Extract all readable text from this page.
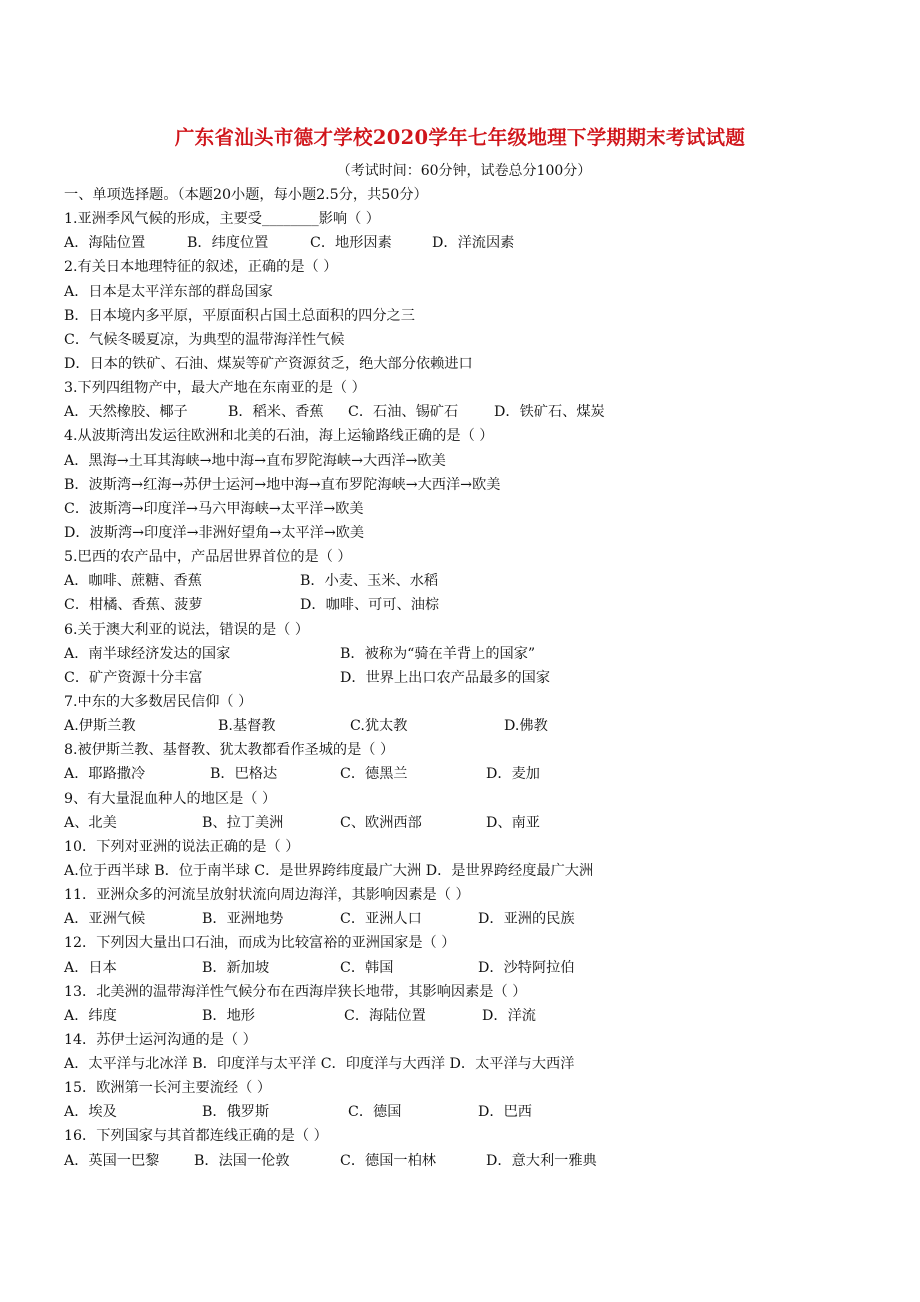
广东省汕头市德才学校2020学年七年级地理下学期期末考试试题
（考试时间：60分钟，试卷总分100分）
一、单项选择题。（本题20小题，每小题2.5分，共50分）
1.亚洲季风气候的形成，主要受________影响（ ）
A．海陆位置	B．纬度位置	C．地形因素	D．洋流因素
2.有关日本地理特征的叙述，正确的是（ ）
A．日本是太平洋东部的群岛国家
B．日本境内多平原，平原面积占国土总面积的四分之三
C．气候冬暖夏凉，为典型的温带海洋性气候
D．日本的铁矿、石油、煤炭等矿产资源贫乏，绝大部分依赖进口
3.下列四组物产中，最大产地在东南亚的是（ ）
A．天然橡胶、椰子	B．稻米、香蕉 C．石油、锡矿石	D．铁矿石、煤炭
4.从波斯湾出发运往欧洲和北美的石油，海上运输路线正确的是（ ）
A．黑海→土耳其海峡→地中海→直布罗陀海峡→大西洋→欧美
B．波斯湾→红海→苏伊士运河→地中海→直布罗陀海峡→大西洋→欧美
C．波斯湾→印度洋→马六甲海峡→太平洋→欧美
D．波斯湾→印度洋→非洲好望角→太平洋→欧美
5.巴西的农产品中，产品居世界首位的是（ ）
A．咖啡、蔗糖、香蕉	B．小麦、玉米、水稻
C．柑橘、香蕉、菠萝	D．咖啡、可可、油棕
6.关于澳大利亚的说法，错误的是（ ）
A．南半球经济发达的国家	B．被称为“骑在羊背上的国家”
C．矿产资源十分丰富	D．世界上出口农产品最多的国家
7.中东的大多数居民信仰（ ）
A.伊斯兰教	B.基督教	C.犹太教	D.佛教
8.被伊斯兰教、基督教、犹太教都看作圣城的是（ ）
A．耶路撒冷	B．巴格达	C．德黑兰	D．麦加
9、有大量混血种人的地区是（ ）
A、北美	B、拉丁美洲	C、欧洲西部	D、南亚
10．下列对亚洲的说法正确的是（ ）
A.位于西半球 B．位于南半球 C．是世界跨纬度最广大洲 D．是世界跨经度最广大洲
11．亚洲众多的河流呈放射状流向周边海洋，其影响因素是（ ）
A．亚洲气候	B．亚洲地势	C．亚洲人口	D．亚洲的民族
12．下列因大量出口石油，而成为比较富裕的亚洲国家是（ ）
A．日本	B．新加坡	C．韩国	D．沙特阿拉伯
13．北美洲的温带海洋性气候分布在西海岸狭长地带，其影响因素是（ ）
A．纬度	B．地形	C．海陆位置	D．洋流
14．苏伊士运河沟通的是（ ）
A．太平洋与北冰洋 B．印度洋与太平洋 C．印度洋与大西洋 D．太平洋与大西洋
15．欧洲第一长河主要流经（ ）
A．埃及	B．俄罗斯	C．德国	D．巴西
16．下列国家与其首都连线正确的是（ ）
A．英国一巴黎 B．法国一伦敦	C．德国一柏林	D．意大利一雅典
